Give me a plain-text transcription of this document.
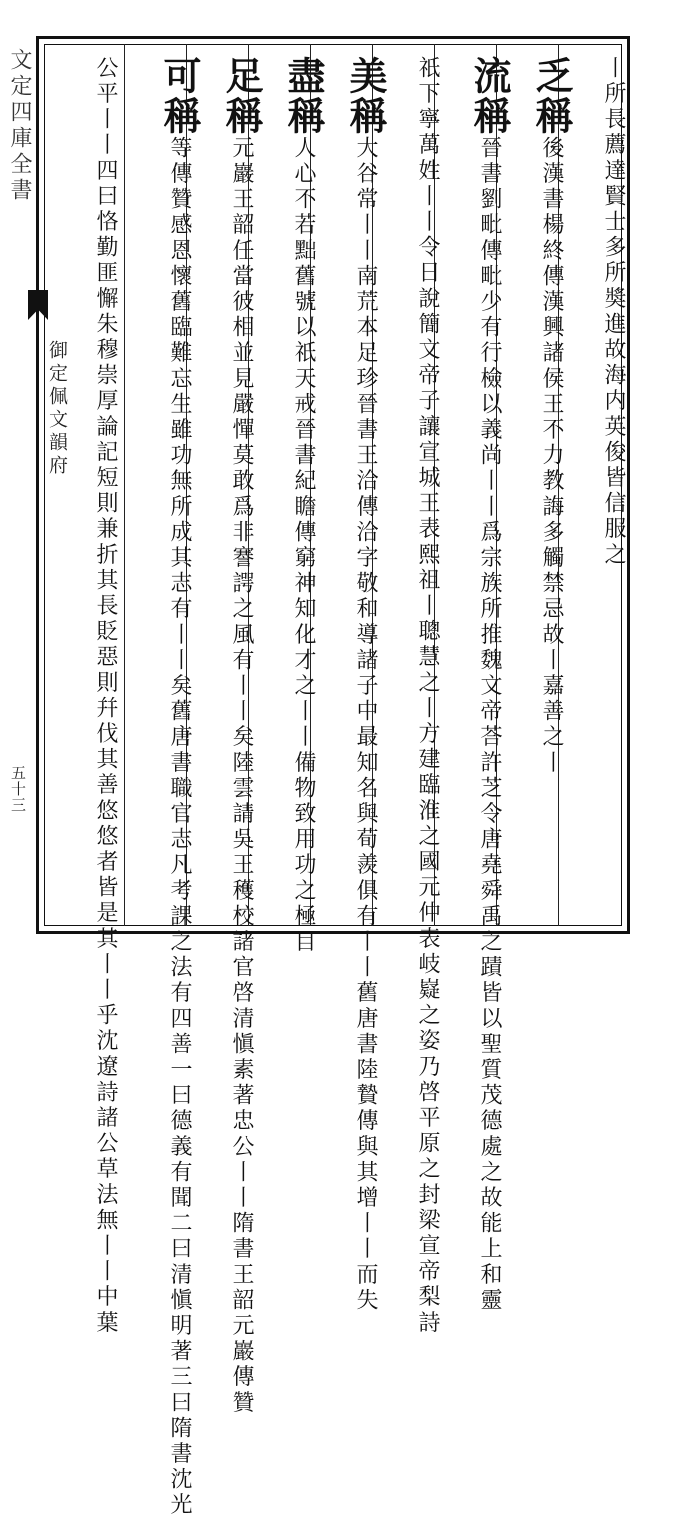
文定四庫全書
御定佩文韻府
五十三
丨所長薦達賢士多所奬進故海内英俊皆信服之
乏稱後漢書楊終傳漢興諸侯王不力教誨多觸禁忌故丨嘉善之丨
流稱晉書劉毗傳毗少有行檢以義尚丨丨爲宗族所推魏文帝荅許芝令唐堯舜禹之蹟皆以聖質茂德處之故能上和靈
祇下寧萬姓丨丨令日說簡文帝子讓宣城王表熙祖丨聰慧之丨方建臨淮之國元仲表岐嶷之姿乃啓平原之封梁宣帝梨詩
美稱大谷常丨丨南荒本足珍晉書王洽傳洽字敬和導諸子中最知名與荀羨俱有丨丨舊唐書陸贄傳與其增丨丨而失
盡稱人心不若黜舊號以祇天戒晉書紀瞻傳窮神知化才之丨丨備物致用功之極目
足稱元巖王韶任當彼相並見嚴憚莫敢爲非謇諤之風有丨丨矣陸雲請吳王穫校諸官啓清愼素著忠公丨丨隋書王韶元巖傳贊
可稱等傳贊感恩懷舊臨難忘生雖功無所成其志有丨丨矣舊唐書職官志凡考課之法有四善一曰德義有聞二曰清愼明著三曰隋書沈光
公平丨丨四曰恪勤匪懈朱穆崇厚論記短則兼折其長貶惡則幷伐其善悠悠者皆是其丨丨乎沈遼詩諸公草法無丨丨中葉
